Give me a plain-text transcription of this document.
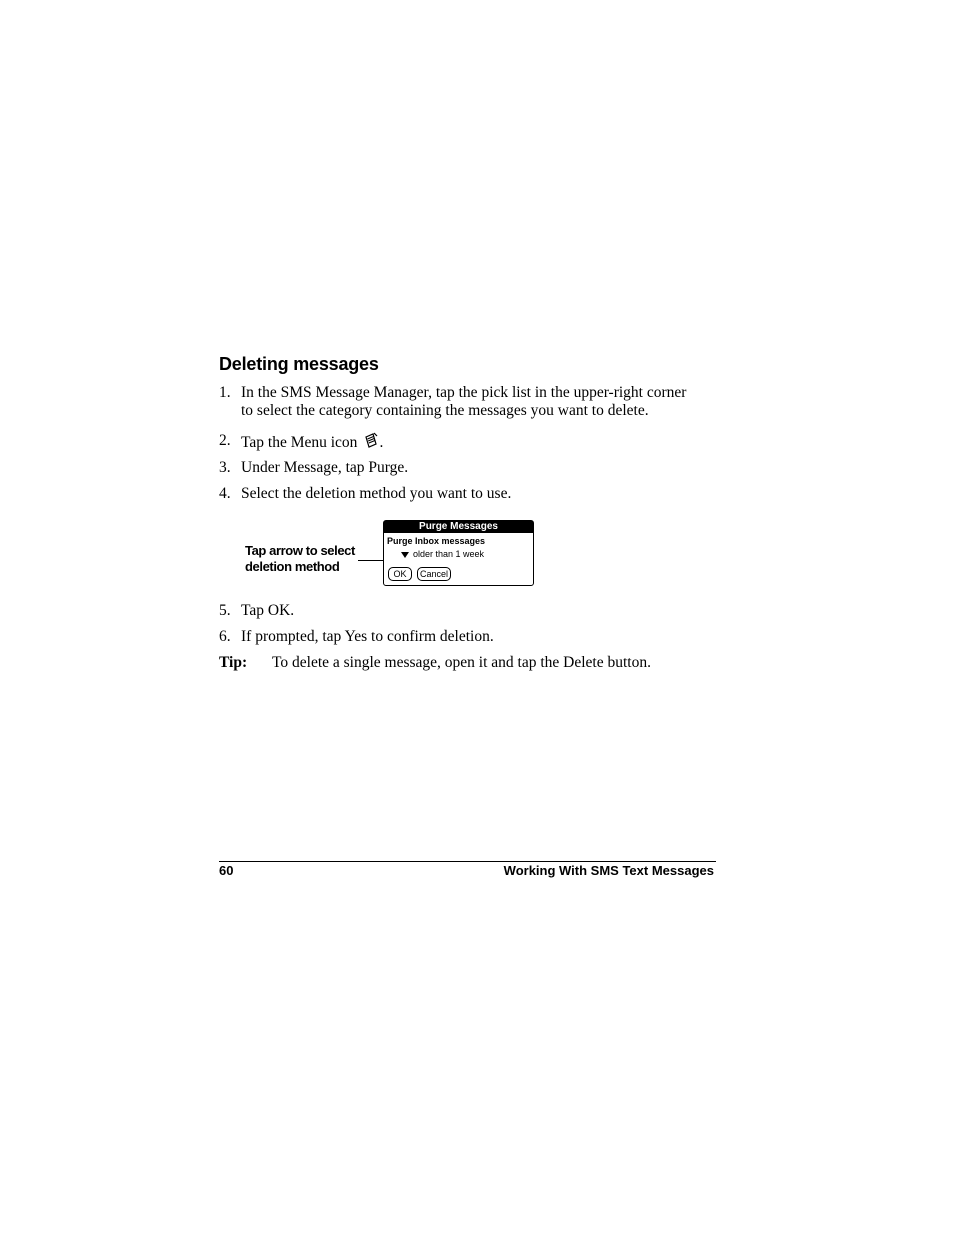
Deleting messages
1. In the SMS Message Manager, tap the pick list in the upper-right corner
to select the category containing the messages you want to delete.
2. Tap the Menu icon .
3. Under Message, tap Purge.
4. Select the deletion method you want to use.
Tap arrow to select
deletion method
Purge Messages
Purge Inbox messages
older than 1 week
OK	Cancel
5. Tap OK.
6. If prompted, tap Yes to confirm deletion.
Tip: To delete a single message, open it and tap the Delete button.
60	Working With SMS Text Messages
